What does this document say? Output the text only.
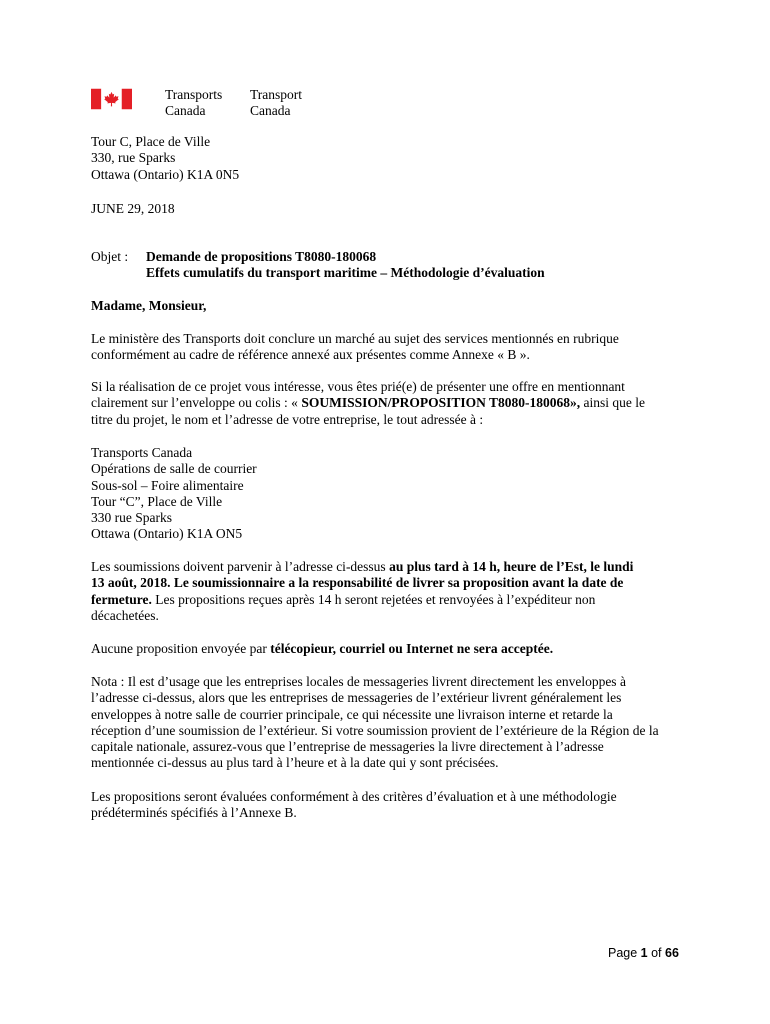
Transports
Canada
Transport
Canada
Tour C, Place de Ville
330, rue Sparks
Ottawa (Ontario) K1A 0N5
JUNE 29, 2018
Objet : Demande de propositions T8080-180068
Effets cumulatifs du transport maritime – Méthodologie d’évaluation
Madame, Monsieur,
Le ministère des Transports doit conclure un marché au sujet des services mentionnés en rubrique
conformément au cadre de référence annexé aux présentes comme Annexe « B ».
Si la réalisation de ce projet vous intéresse, vous êtes prié(e) de présenter une offre en mentionnant
clairement sur l’enveloppe ou colis : « SOUMISSION/PROPOSITION T8080-180068», ainsi que le
titre du projet, le nom et l’adresse de votre entreprise, le tout adressée à :
Transports Canada
Opérations de salle de courrier
Sous-sol – Foire alimentaire
Tour “C”, Place de Ville
330 rue Sparks
Ottawa (Ontario) K1A ON5
Les soumissions doivent parvenir à l’adresse ci-dessus au plus tard à 14 h, heure de l’Est, le lundi
13 août, 2018. Le soumissionnaire a la responsabilité de livrer sa proposition avant la date de
fermeture. Les propositions reçues après 14 h seront rejetées et renvoyées à l’expéditeur non
décachetées.
Aucune proposition envoyée par télécopieur, courriel ou Internet ne sera acceptée.
Nota : Il est d’usage que les entreprises locales de messageries livrent directement les enveloppes à
l’adresse ci-dessus, alors que les entreprises de messageries de l’extérieur livrent généralement les
enveloppes à notre salle de courrier principale, ce qui nécessite une livraison interne et retarde la
réception d’une soumission de l’extérieur. Si votre soumission provient de l’extérieure de la Région de la
capitale nationale, assurez-vous que l’entreprise de messageries la livre directement à l’adresse
mentionnée ci-dessus au plus tard à l’heure et à la date qui y sont précisées.
Les propositions seront évaluées conformément à des critères d’évaluation et à une méthodologie
prédéterminés spécifiés à l’Annexe B.
Page 1 of 66
